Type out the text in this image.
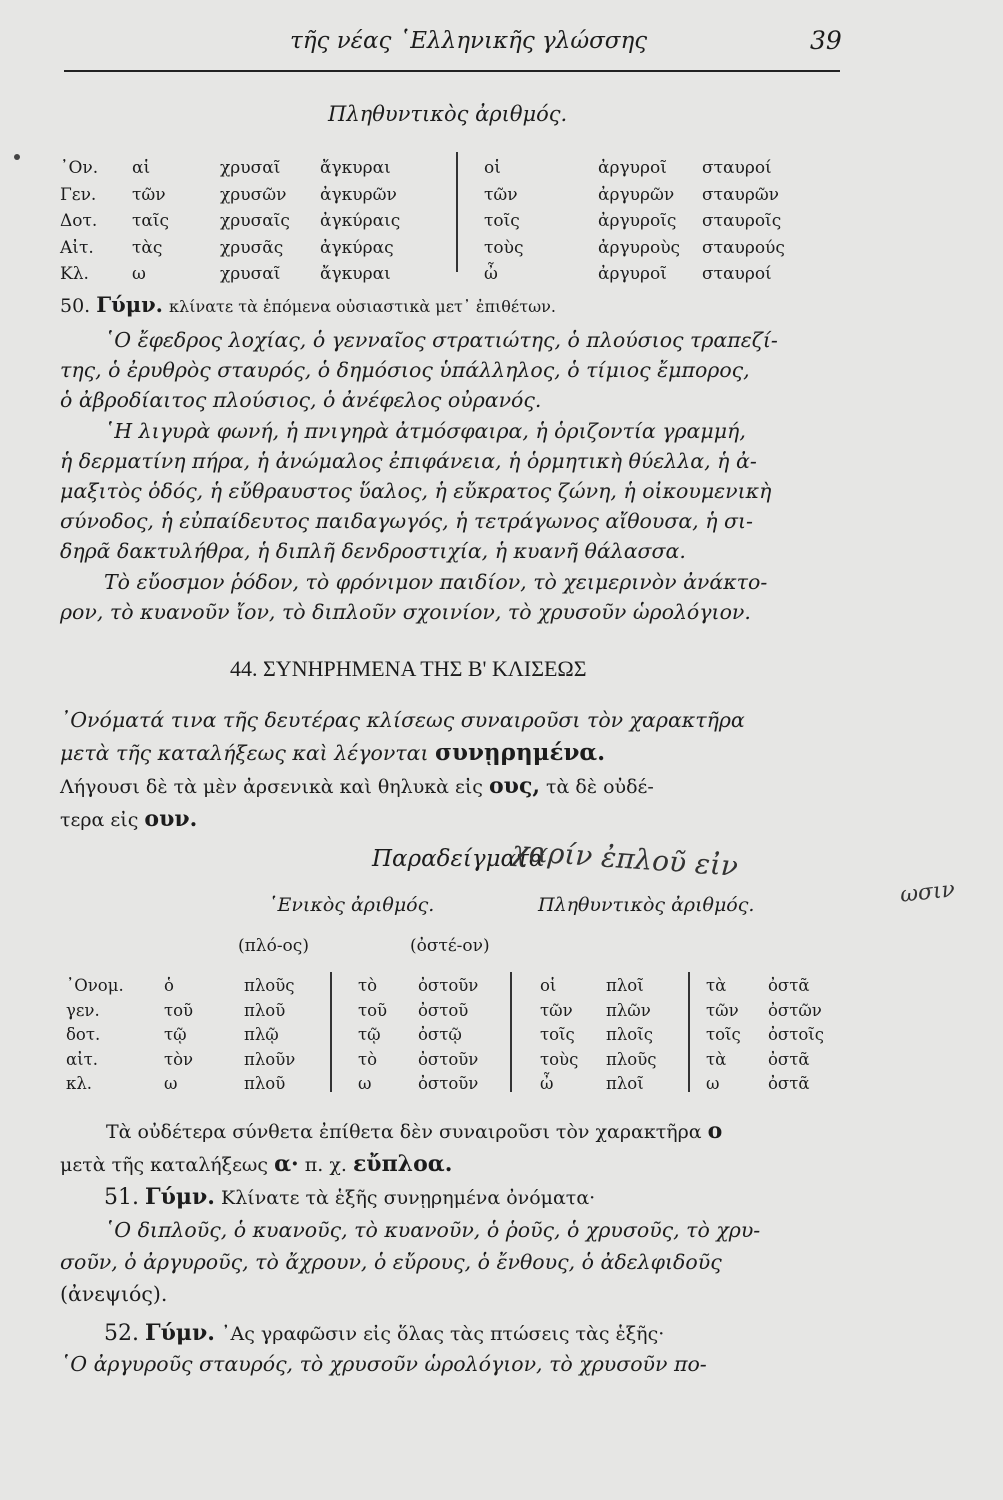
τῆς νέας ῾Ελληνικῆς γλώσσης	39
Πληθυντικὸς ἀριθμός.
᾿Ον. αἱ	χρυσαῖ ἄγκυραι	οἱ	ἀργυροῖ σταυροί
Γεν. τῶν	χρυσῶν ἀγκυρῶν	τῶν	ἀργυρῶν σταυρῶν
Δοτ. ταῖς	χρυσαῖς ἀγκύραις	τοῖς	ἀργυροῖς σταυροῖς
Αἰτ. τὰς	χρυσᾶς ἀγκύρας	τοὺς	ἀργυροὺς σταυρούς
Κλ.	ω	χρυσαῖ ἄγκυραι	ὦ	ἀργυροῖ σταυροί
50. Γύμν. κλίνατε τὰ ἑπόμενα οὐσιαστικὰ μετ᾿ ἐπιθέτων.
῾Ο ἔφεδρος λοχίας, ὁ γενναῖος στρατιώτης, ὁ πλούσιος τραπεζί-
της, ὁ ἐρυθρὸς σταυρός, ὁ δημόσιος ὑπάλληλος, ὁ τίμιος ἔμπορος,
ὁ ἀβροδίαιτος πλούσιος, ὁ ἀνέφελος οὐρανός.
῾Η λιγυρὰ φωνή, ἡ πνιγηρὰ ἀτμόσφαιρα, ἡ ὁριζοντία γραμμή,
ἡ δερματίνη πήρα, ἡ ἀνώμαλος ἐπιφάνεια, ἡ ὁρμητικὴ θύελλα, ἡ ἀ-
μαξιτὸς ὁδός, ἡ εὔθραυστος ὕαλος, ἡ εὔκρατος ζώνη, ἡ οἰκουμενικὴ
σύνοδος, ἡ εὐπαίδευτος παιδαγωγός, ἡ τετράγωνος αἴθουσα, ἡ σι-
δηρᾶ δακτυλήθρα, ἡ διπλῆ δενδροστιχία, ἡ κυανῆ θάλασσα.
Τὸ εὔοσμον ῥόδον, τὸ φρόνιμον παιδίον, τὸ χειμερινὸν ἀνάκτο-
ρον, τὸ κυανοῦν ἴον, τὸ διπλοῦν σχοινίον, τὸ χρυσοῦν ὡρολόγιον.
44. ΣΥΝΗΡΗΜΕΝΑ ΤΗΣ Β' ΚΛΙΣΕΩΣ
᾿Ονόματά τινα τῆς δευτέρας κλίσεως συναιροῦσι τὸν χαρακτῆρα
μετὰ τῆς καταλήξεως καὶ λέγονται συνῃρημένα.
Λήγουσι δὲ τὰ μὲν ἀρσενικὰ καὶ θηλυκὰ εἰς ους, τὰ δὲ οὐδέ-
τερα εἰς ουν.
Παραδείγματα
χαρίν ἐπλοῦ εἰν
ωσιν
῾Ενικὸς ἀριθμός.	Πληθυντικὸς ἀριθμός.
(πλό-ος)	(ὀστέ-ον)
᾿Ονομ. ὁ	πλοῦς	τὸ ὀστοῦν	οἱ	πλοῖ	τὰ	ὀστᾶ
γεν.	τοῦ	πλοῦ	τοῦ ὀστοῦ	τῶν πλῶν	τῶν ὀστῶν
δοτ.	τῷ	πλῷ	τῷ ὀστῷ	τοῖς πλοῖς	τοῖς ὀστοῖς
αἰτ.	τὸν	πλοῦν	τὸ ὀστοῦν	τοὺς πλοῦς	τὰ	ὀστᾶ
κλ.	ω	πλοῦ	ω	ὀστοῦν	ὦ	πλοῖ	ω	ὀστᾶ
Τὰ οὐδέτερα σύνθετα ἐπίθετα δὲν συναιροῦσι τὸν χαρακτῆρα ο
μετὰ τῆς καταλήξεως α· π. χ. εὔπλοα.
51. Γύμν. Κλίνατε τὰ ἑξῆς συνῃρημένα ὀνόματα·
῾Ο διπλοῦς, ὁ κυανοῦς, τὸ κυανοῦν, ὁ ῥοῦς, ὁ χρυσοῦς, τὸ χρυ-
σοῦν, ὁ ἀργυροῦς, τὸ ἄχρουν, ὁ εὔρους, ὁ ἔνθους, ὁ ἀδελφιδοῦς
(ἀνεψιός).
52. Γύμν. ᾿Ας γραφῶσιν εἰς ὅλας τὰς πτώσεις τὰς ἑξῆς·
῾Ο ἀργυροῦς σταυρός, τὸ χρυσοῦν ὡρολόγιον, τὸ χρυσοῦν πο-
